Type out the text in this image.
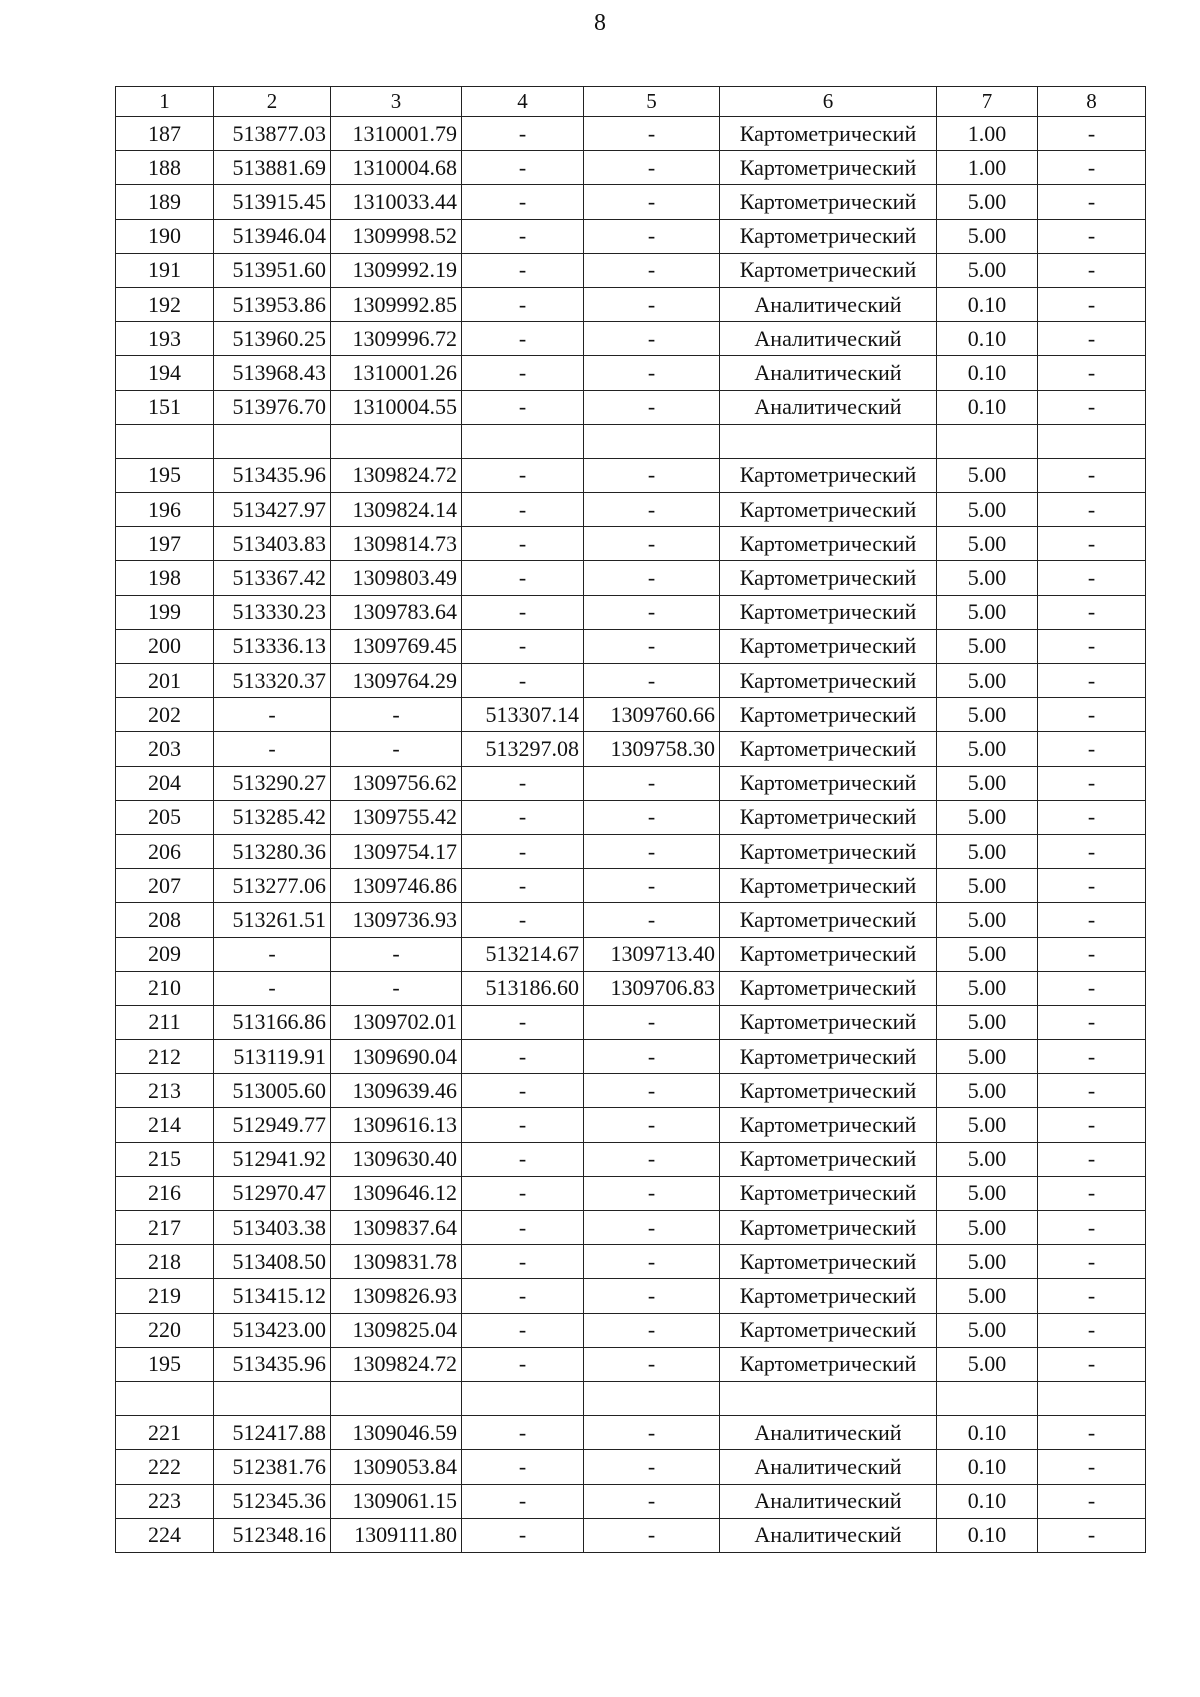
8
1	2	3	4	5	6	7	8
187	513877.03	1310001.79	-	-	Картометрический	1.00	-
188	513881.69	1310004.68	-	-	Картометрический	1.00	-
189	513915.45	1310033.44	-	-	Картометрический	5.00	-
190	513946.04	1309998.52	-	-	Картометрический	5.00	-
191	513951.60	1309992.19	-	-	Картометрический	5.00	-
192	513953.86	1309992.85	-	-	Аналитический	0.10	-
193	513960.25	1309996.72	-	-	Аналитический	0.10	-
194	513968.43	1310001.26	-	-	Аналитический	0.10	-
151	513976.70	1310004.55	-	-	Аналитический	0.10	-

195	513435.96	1309824.72	-	-	Картометрический	5.00	-
196	513427.97	1309824.14	-	-	Картометрический	5.00	-
197	513403.83	1309814.73	-	-	Картометрический	5.00	-
198	513367.42	1309803.49	-	-	Картометрический	5.00	-
199	513330.23	1309783.64	-	-	Картометрический	5.00	-
200	513336.13	1309769.45	-	-	Картометрический	5.00	-
201	513320.37	1309764.29	-	-	Картометрический	5.00	-
202	-	-	513307.14	1309760.66	Картометрический	5.00	-
203	-	-	513297.08	1309758.30	Картометрический	5.00	-
204	513290.27	1309756.62	-	-	Картометрический	5.00	-
205	513285.42	1309755.42	-	-	Картометрический	5.00	-
206	513280.36	1309754.17	-	-	Картометрический	5.00	-
207	513277.06	1309746.86	-	-	Картометрический	5.00	-
208	513261.51	1309736.93	-	-	Картометрический	5.00	-
209	-	-	513214.67	1309713.40	Картометрический	5.00	-
210	-	-	513186.60	1309706.83	Картометрический	5.00	-
211	513166.86	1309702.01	-	-	Картометрический	5.00	-
212	513119.91	1309690.04	-	-	Картометрический	5.00	-
213	513005.60	1309639.46	-	-	Картометрический	5.00	-
214	512949.77	1309616.13	-	-	Картометрический	5.00	-
215	512941.92	1309630.40	-	-	Картометрический	5.00	-
216	512970.47	1309646.12	-	-	Картометрический	5.00	-
217	513403.38	1309837.64	-	-	Картометрический	5.00	-
218	513408.50	1309831.78	-	-	Картометрический	5.00	-
219	513415.12	1309826.93	-	-	Картометрический	5.00	-
220	513423.00	1309825.04	-	-	Картометрический	5.00	-
195	513435.96	1309824.72	-	-	Картометрический	5.00	-

221	512417.88	1309046.59	-	-	Аналитический	0.10	-
222	512381.76	1309053.84	-	-	Аналитический	0.10	-
223	512345.36	1309061.15	-	-	Аналитический	0.10	-
224	512348.16	1309111.80	-	-	Аналитический	0.10	-
